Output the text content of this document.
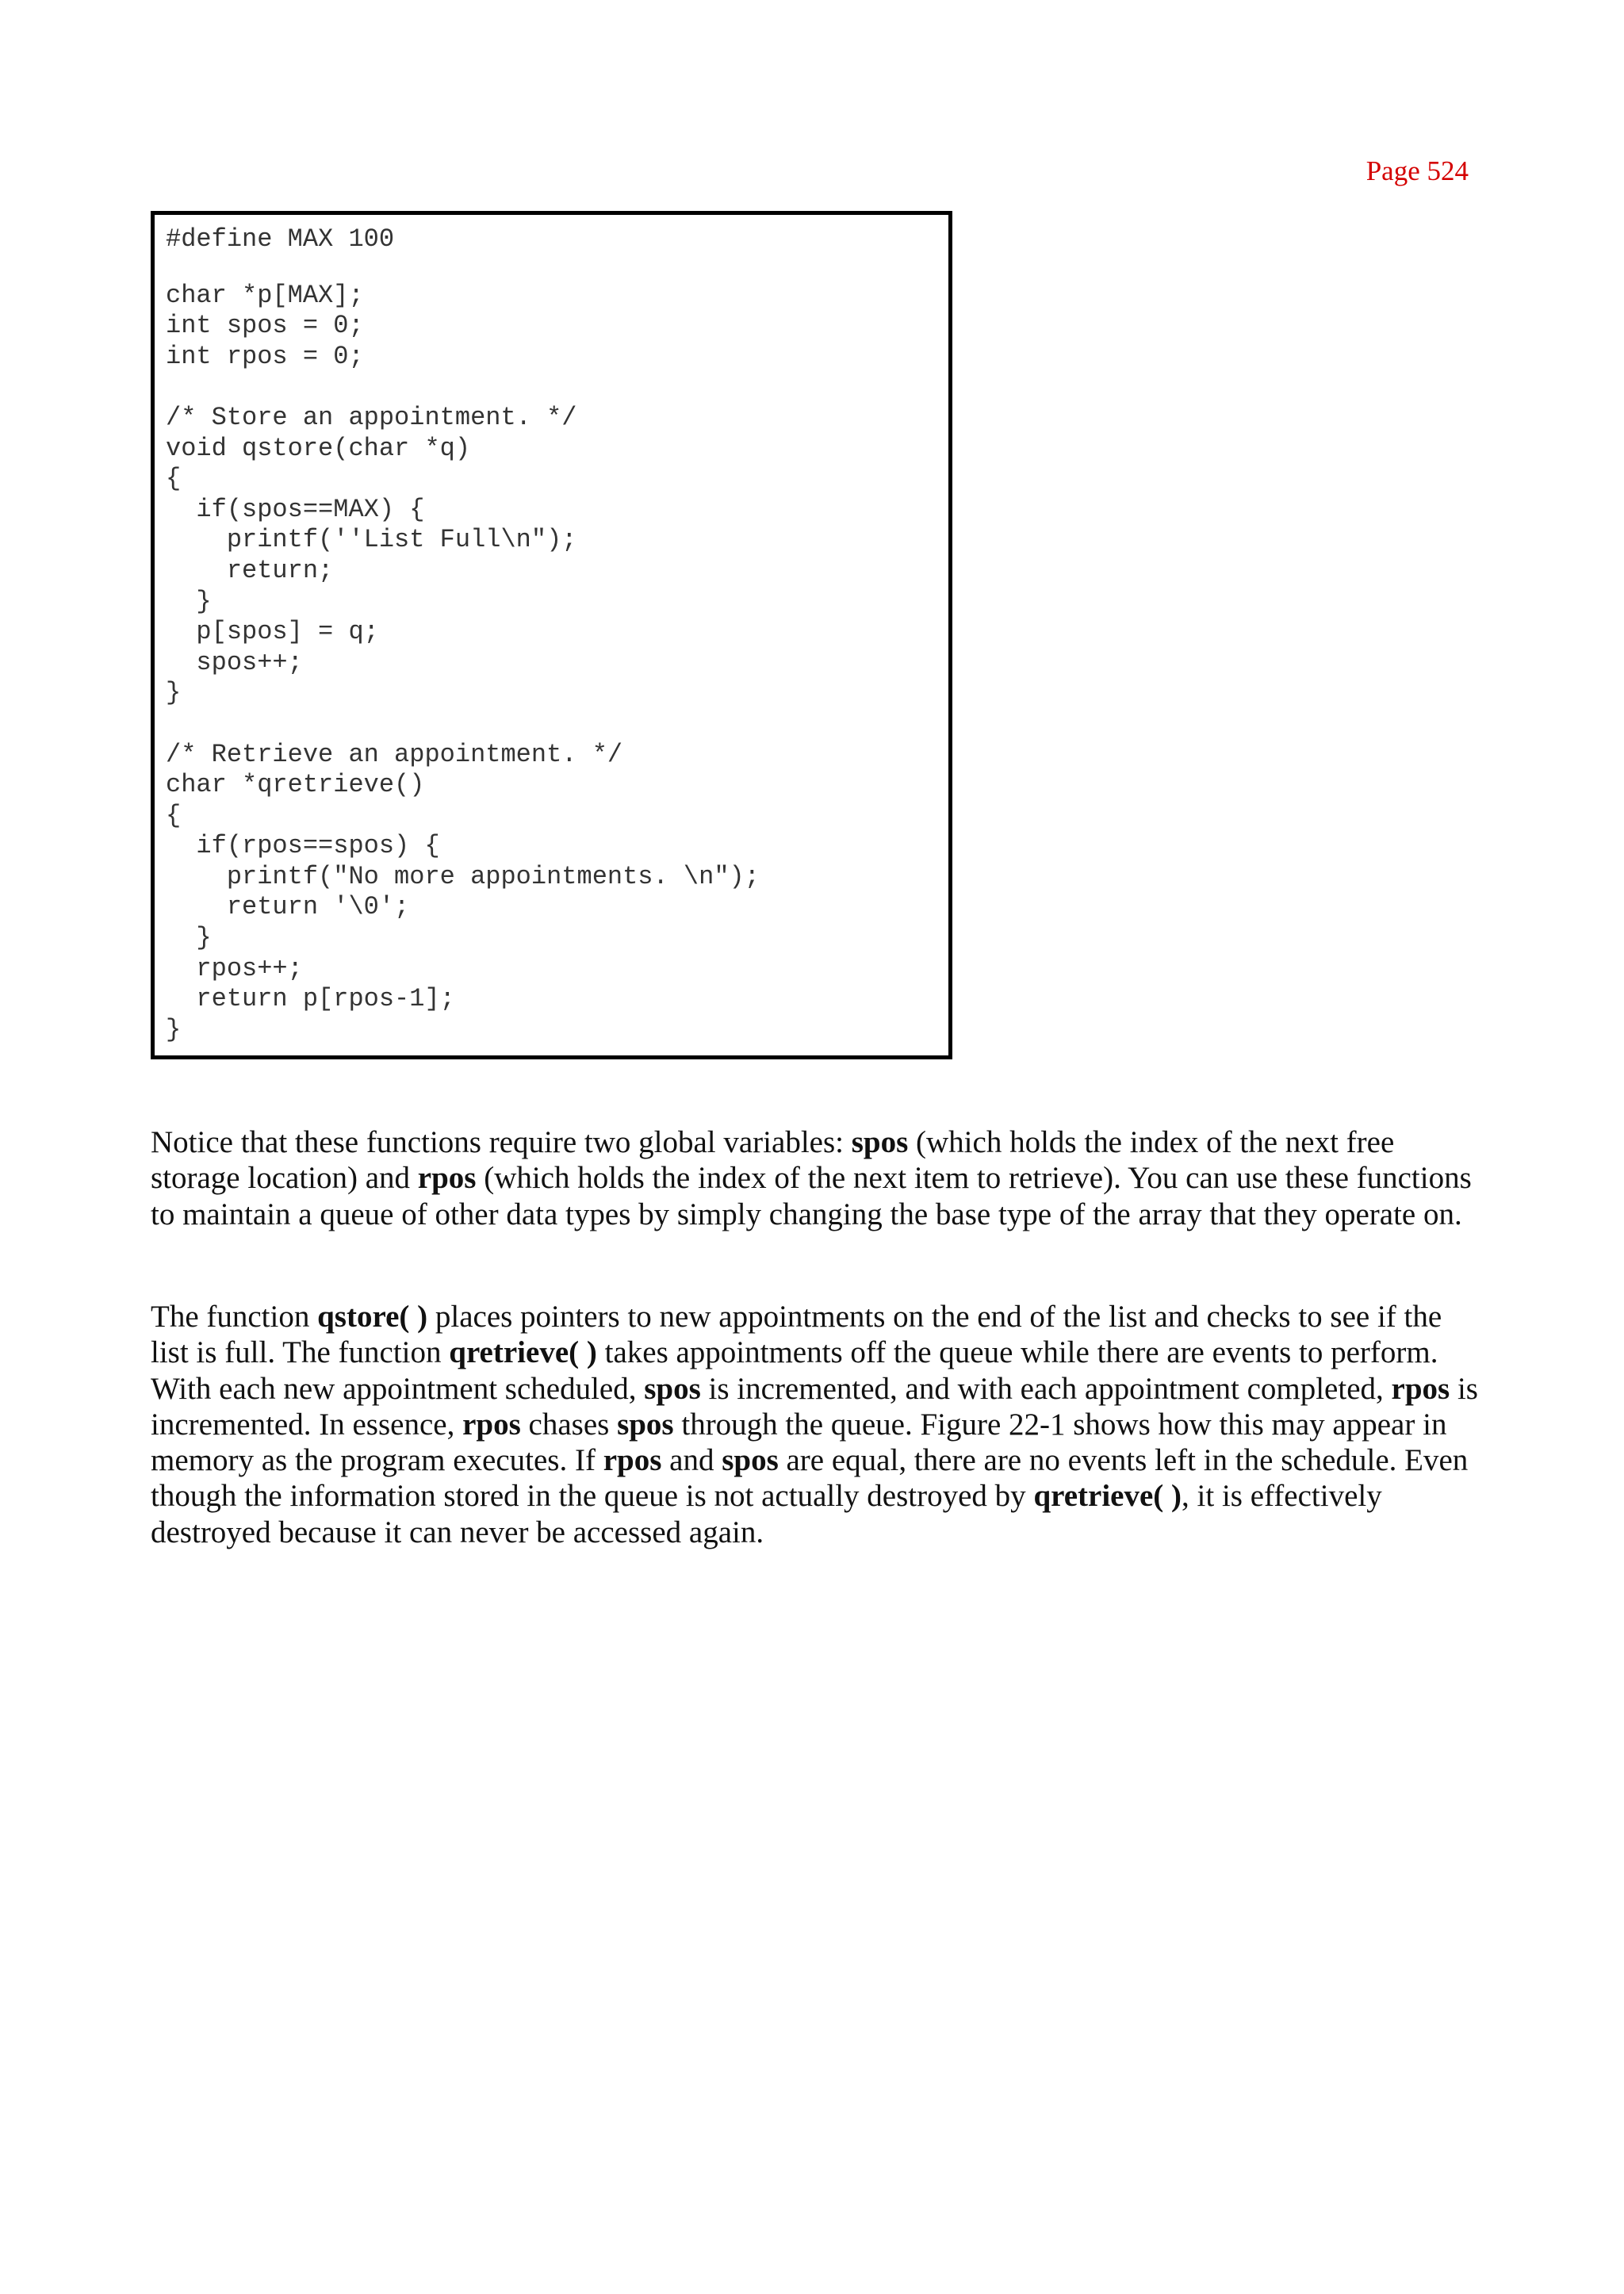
Page 524
#define MAX 100
char *p[MAX];
int spos = 0;
int rpos = 0;
/* Store an appointment. */
void qstore(char *q)
{
if(spos==MAX) {
printf(''List Full\n");
return;
}
p[spos] = q;
spos++;
}
/* Retrieve an appointment. */
char *qretrieve()
{
if(rpos==spos) {
printf("No more appointments. \n");
return '\0';
}
rpos++;
return p[rpos-1];
}

Notice that these functions require two global variables: spos (which holds the index of the next free storage location) and rpos (which holds the index of the next item to retrieve). You can use these functions to maintain a queue of other data types by simply changing the base type of the array that they operate on.

The function qstore( ) places pointers to new appointments on the end of the list and checks to see if the list is full. The function qretrieve( ) takes appointments off the queue while there are events to perform. With each new appointment scheduled, spos is incremented, and with each appointment completed, rpos is incremented. In essence, rpos chases spos through the queue. Figure 22-1 shows how this may appear in memory as the program executes. If rpos and spos are equal, there are no events left in the schedule. Even though the information stored in the queue is not actually destroyed by qretrieve( ), it is effectively destroyed because it can never be accessed again.
